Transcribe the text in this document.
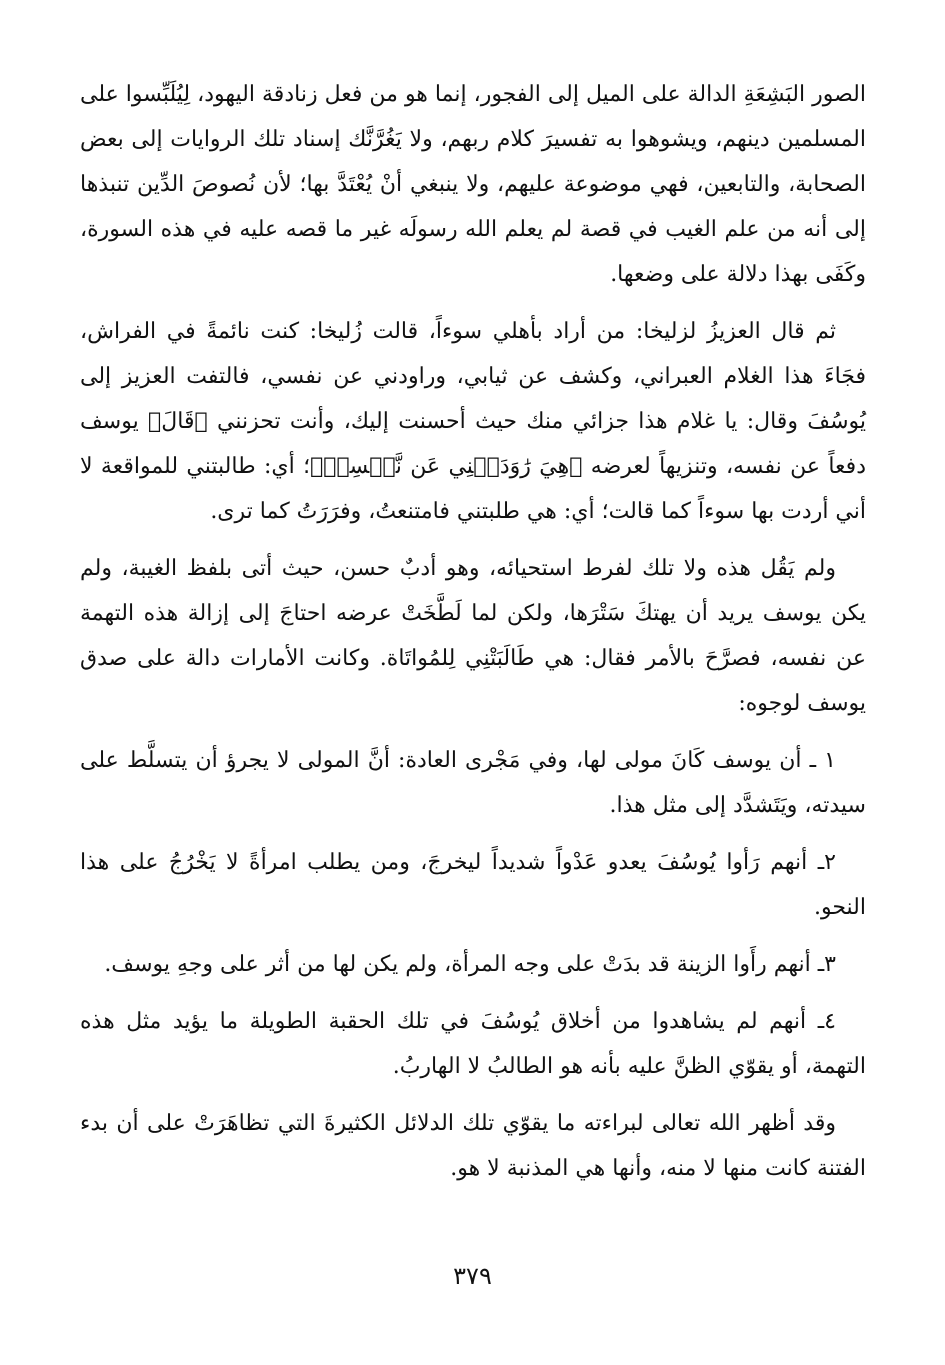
الصور البَشِعَةِ الدالة على الميل إلى الفجور، إنما هو من فعل زنادقة اليهود، لِيُلَبِّسوا على المسلمين دينهم، ويشوهوا به تفسيرَ كلام ربهم، ولا يَغُرَّنَّك إسناد تلك الروايات إلى بعض الصحابة، والتابعين، فهي موضوعة عليهم، ولا ينبغي أنْ يُعْتَدَّ بها؛ لأن نُصوصَ الدِّين تنبذها إلى أنه من علم الغيب في قصة لم يعلم الله رسولَه غير ما قصه عليه في هذه السورة، وكَفَى بهذا دلالة على وضعها.

ثم قال العزيزُ لزليخا: من أراد بأهلي سوءاً، قالت زُليخا: كنت نائمةً في الفراش، فجَاءَ هذا الغلام العبراني، وكشف عن ثيابي، وراودني عن نفسي، فالتفت العزيز إلى يُوسُفَ وقال: يا غلام هذا جزائي منك حيث أحسنت إليك، وأنت تحزنني ﴿قَالَ﴾ يوسف دفعاً عن نفسه، وتنزيهاً لعرضه ﴿هِيَ رَٰوَدَتۡنِي عَن نَّفۡسِيۚ﴾؛ أي: طالبتني للمواقعة لا أني أردت بها سوءاً كما قالت؛ أي: هي طلبتني فامتنعتُ، وفرَرَتُ كما ترى.

ولم يَقُل هذه ولا تلك لفرط استحيائه، وهو أدبٌ حسن، حيث أتى بلفظ الغيبة، ولم يكن يوسف يريد أن يهتكَ سَتْرَها، ولكن لما لَطَّخَتْ عرضه احتاجَ إلى إزالة هذه التهمة عن نفسه، فصرَّحَ بالأمر فقال: هي طَالَبَتْنِي لِلمُواتَاة. وكانت الأمارات دالة على صدق يوسف لوجوه:

١ ـ أن يوسف كَانَ مولى لها، وفي مَجْرى العادة: أنَّ المولى لا يجرؤ أن يتسلَّط على سيدته، ويَتَشدَّد إلى مثل هذا.

٢ـ أنهم رَأوا يُوسُفَ يعدو عَدْواً شديداً ليخرجَ، ومن يطلب امرأةً لا يَخْرُجُ على هذا النحو.

٣ـ أنهم رأَوا الزينة قد بدَتْ على وجه المرأة، ولم يكن لها من أثر على وجهِ يوسف.

٤ـ أنهم لم يشاهدوا من أخلاق يُوسُفَ في تلك الحقبة الطويلة ما يؤيد مثل هذه التهمة، أو يقوّي الظنَّ عليه بأنه هو الطالبُ لا الهاربُ.

وقد أظهر الله تعالى لبراءته ما يقوّي تلك الدلائل الكثيرةَ التي تظاهَرَتْ على أن بدء الفتنة كانت منها لا منه، وأنها هي المذنبة لا هو.

٣٧٩
